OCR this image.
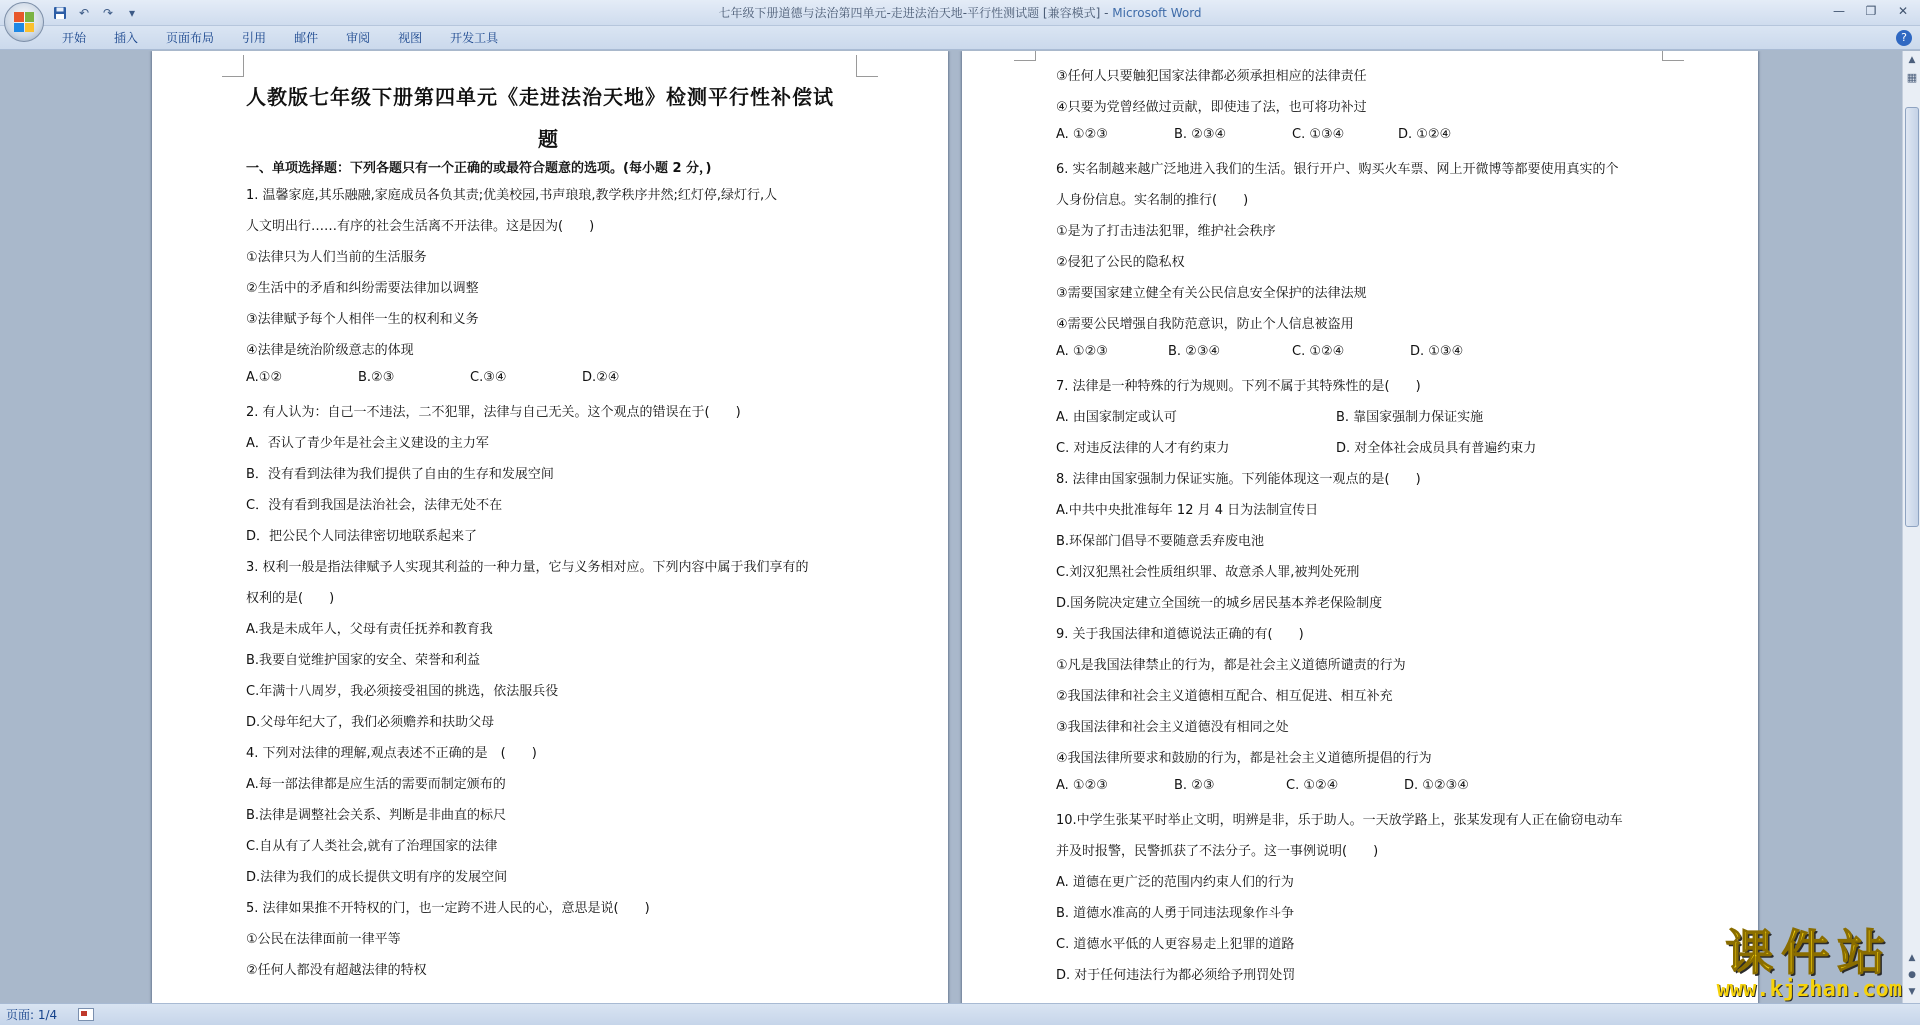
↶	↷	▾	七年级下册道德与法治第四单元-走进法治天地-平行性测试题 [兼容模式] - Microsoft Word	—	❐	✕
开始	插入	页面布局	引用	邮件	审阅	视图	开发工具	?
人教版七年级下册第四单元《走进法治天地》检测平行性补偿试
题
一、单项选择题：下列各题只有一个正确的或最符合题意的选项。(每小题 2 分，)
1. 温馨家庭,其乐融融,家庭成员各负其责;优美校园,书声琅琅,教学秩序井然;红灯停,绿灯行,人
人文明出行……有序的社会生活离不开法律。这是因为(　　)
①法律只为人们当前的生活服务
②生活中的矛盾和纠纷需要法律加以调整
③法律赋予每个人相伴一生的权利和义务
④法律是统治阶级意志的体现
A.①②	B.②③	C.③④	D.②④
2. 有人认为：自己一不违法，二不犯罪，法律与自己无关。这个观点的错误在于(　　)
A．否认了青少年是社会主义建设的主力军
B．没有看到法律为我们提供了自由的生存和发展空间
C．没有看到我国是法治社会，法律无处不在
D．把公民个人同法律密切地联系起来了
3. 权利一般是指法律赋予人实现其利益的一种力量，它与义务相对应。下列内容中属于我们享有的
权利的是(　　)
A.我是未成年人，父母有责任抚养和教育我
B.我要自觉维护国家的安全、荣誉和利益
C.年满十八周岁，我必须接受祖国的挑选，依法服兵役
D.父母年纪大了，我们必须赡养和扶助父母
4. 下列对法律的理解,观点表述不正确的是　(　　)
A.每一部法律都是应生活的需要而制定颁布的
B.法律是调整社会关系、判断是非曲直的标尺
C.自从有了人类社会,就有了治理国家的法律
D.法律为我们的成长提供文明有序的发展空间
5. 法律如果推不开特权的门，也一定跨不进人民的心，意思是说(　　)
①公民在法律面前一律平等
②任何人都没有超越法律的特权
③任何人只要触犯国家法律都必须承担相应的法律责任
④只要为党曾经做过贡献，即使违了法，也可将功补过
A. ①②③	B. ②③④	C. ①③④	D. ①②④
6. 实名制越来越广泛地进入我们的生活。银行开户、购买火车票、网上开微博等都要使用真实的个
人身份信息。实名制的推行(　　)
①是为了打击违法犯罪，维护社会秩序
②侵犯了公民的隐私权
③需要国家建立健全有关公民信息安全保护的法律法规
④需要公民增强自我防范意识，防止个人信息被盗用
A. ①②③	B. ②③④	C. ①②④	D. ①③④
7. 法律是一种特殊的行为规则。下列不属于其特殊性的是(　　)
A. 由国家制定或认可	B. 靠国家强制力保证实施
C. 对违反法律的人才有约束力	D. 对全体社会成员具有普遍约束力
8. 法律由国家强制力保证实施。下列能体现这一观点的是(　　)
A.中共中央批准每年 12 月 4 日为法制宣传日
B.环保部门倡导不要随意丢弃废电池
C.刘汉犯黑社会性质组织罪、故意杀人罪,被判处死刑
D.国务院决定建立全国统一的城乡居民基本养老保险制度
9. 关于我国法律和道德说法正确的有(　　)
①凡是我国法律禁止的行为，都是社会主义道德所谴责的行为
②我国法律和社会主义道德相互配合、相互促进、相互补充
③我国法律和社会主义道德没有相同之处
④我国法律所要求和鼓励的行为，都是社会主义道德所提倡的行为
A. ①②③	B. ②③	C. ①②④	D. ①②③④
10.中学生张某平时举止文明，明辨是非，乐于助人。一天放学路上，张某发现有人正在偷窃电动车
并及时报警，民警抓获了不法分子。这一事例说明(　　)
A. 道德在更广泛的范围内约束人们的行为
B. 道德水准高的人勇于同违法现象作斗争
C. 道德水平低的人更容易走上犯罪的道路
D. 对于任何违法行为都必须给予刑罚处罚
▲
▦
▲
●
▼
课件站
www.kjzhan.com
页面: 1/4
